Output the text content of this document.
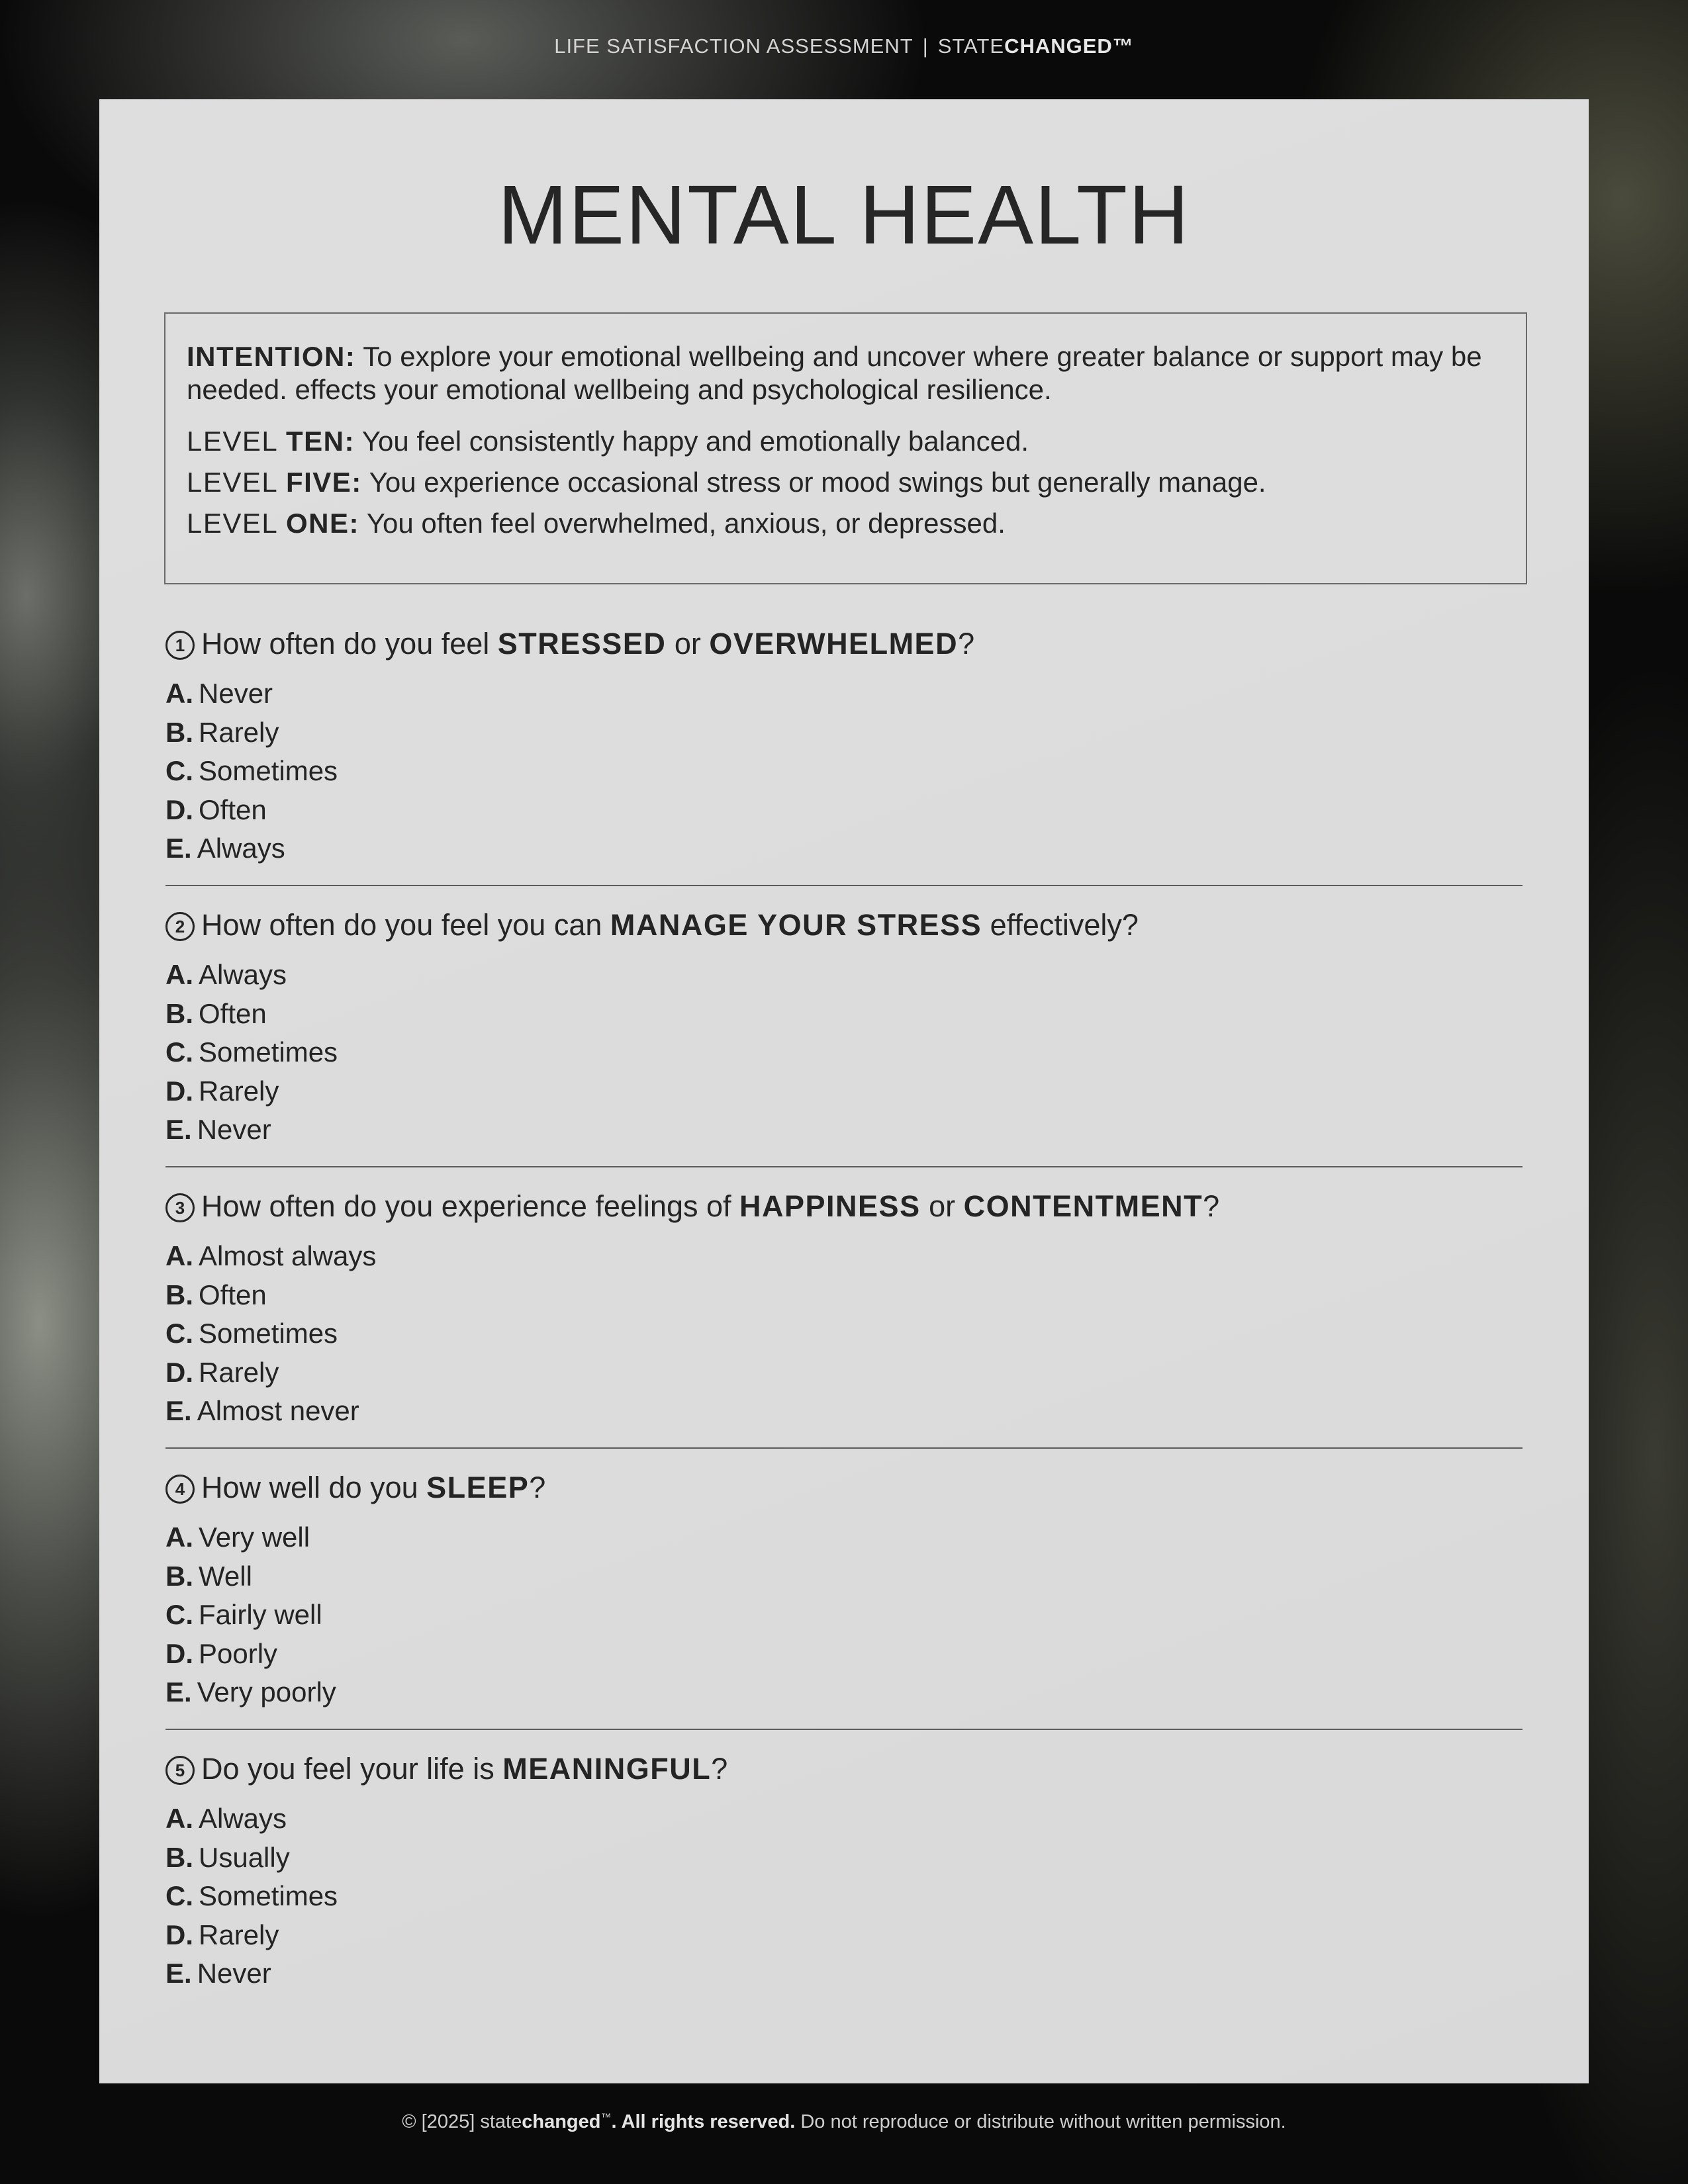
LIFE SATISFACTION ASSESSMENT | STATECHANGED™
MENTAL HEALTH

INTENTION: To explore your emotional wellbeing and uncover where greater balance or support may be needed. effects your emotional wellbeing and psychological resilience.

LEVEL TEN: You feel consistently happy and emotionally balanced.

LEVEL FIVE: You experience occasional stress or mood swings but generally manage.

LEVEL ONE: You often feel overwhelmed, anxious, or depressed.

1 How often do you feel STRESSED or OVERWHELMED?

A. Never

B. Rarely

C. Sometimes

D. Often

E. Always

2 How often do you feel you can MANAGE YOUR STRESS effectively?

A. Always

B. Often

C. Sometimes

D. Rarely

E. Never

3 How often do you experience feelings of HAPPINESS or CONTENTMENT?

A. Almost always

B. Often

C. Sometimes

D. Rarely

E. Almost never

4 How well do you SLEEP?

A. Very well

B. Well

C. Fairly well

D. Poorly

E. Very poorly

5 Do you feel your life is MEANINGFUL?

A. Always

B. Usually

C. Sometimes

D. Rarely

E. Never

© [2025] statechanged™. All rights reserved. Do not reproduce or distribute without written permission.
